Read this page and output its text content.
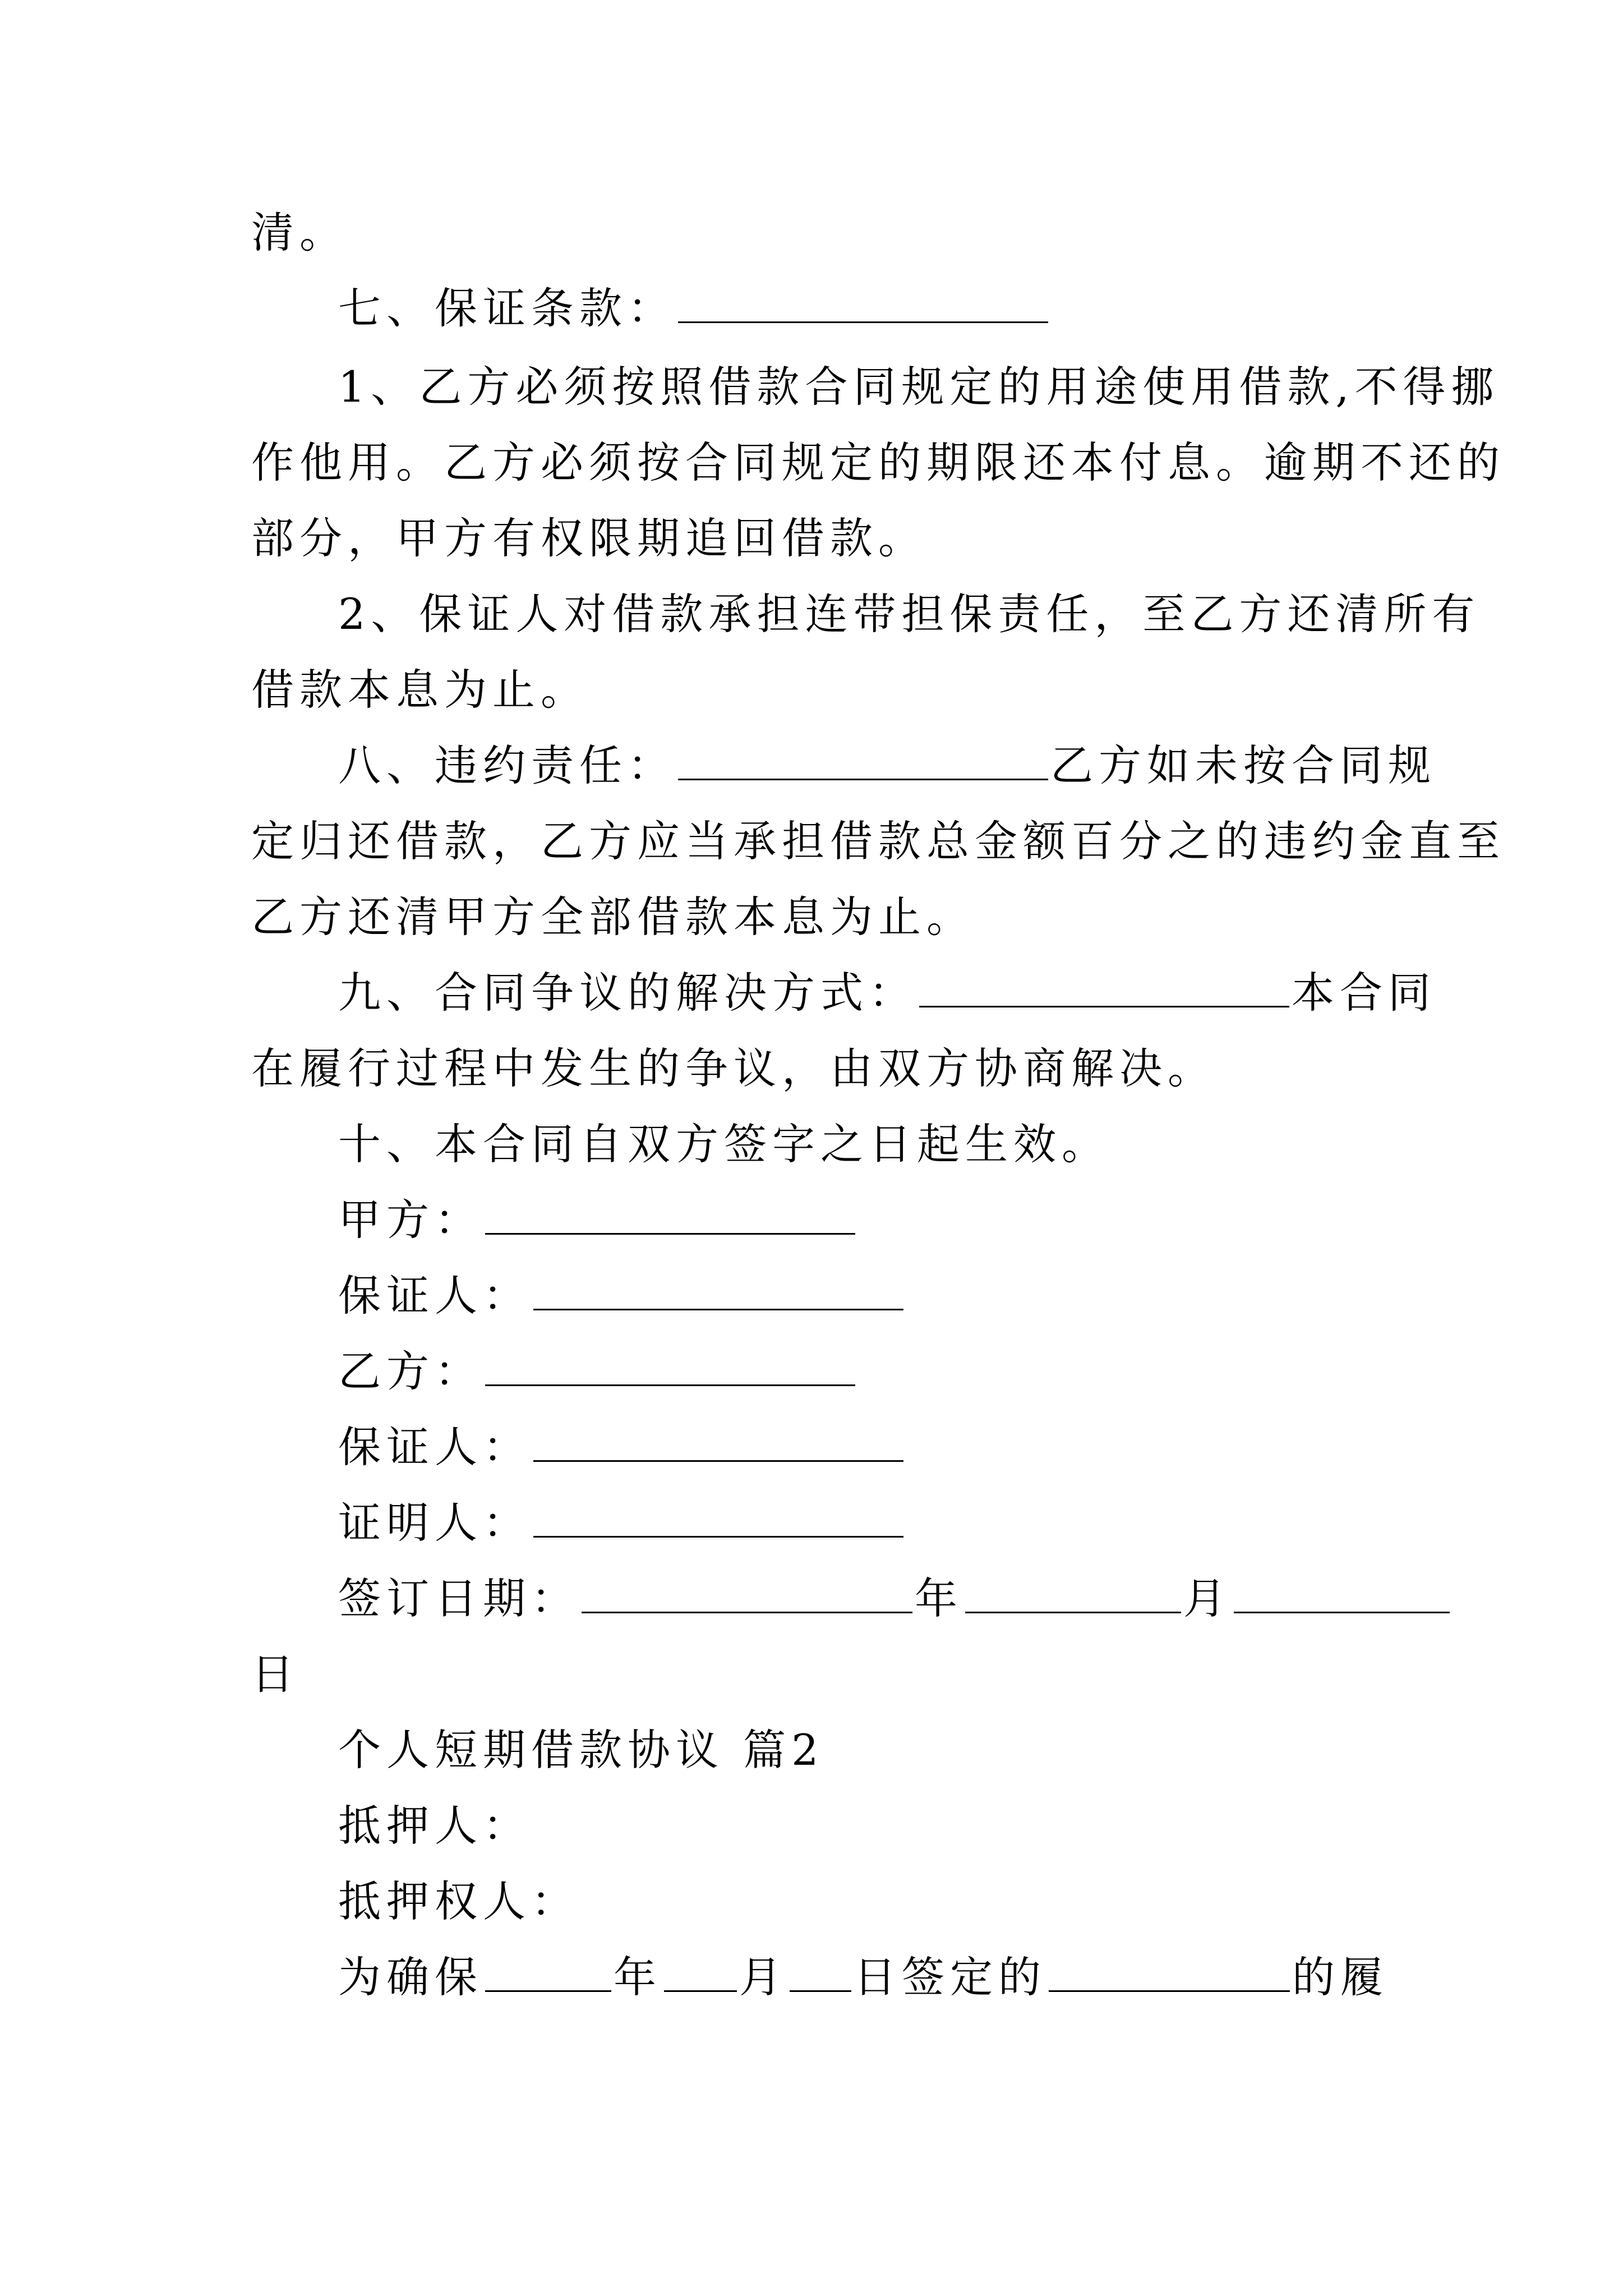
清。
七、保证条款：
1、乙方必须按照借款合同规定的用途使用借款,不得挪
作他用。乙方必须按合同规定的期限还本付息。逾期不还的
部分，甲方有权限期追回借款。
2、保证人对借款承担连带担保责任，至乙方还清所有
借款本息为止。
八、违约责任：	乙方如未按合同规
定归还借款，乙方应当承担借款总金额百分之的违约金直至
乙方还清甲方全部借款本息为止。
九、合同争议的解决方式：	本合同
在履行过程中发生的争议，由双方协商解决。
十、本合同自双方签字之日起生效。
甲方：
保证人：
乙方：
保证人：
证明人：
签订日期：	年	月
日
个人短期借款协议 篇2
抵押人：
抵押权人：
为确保	年 月 日签定的	的履
